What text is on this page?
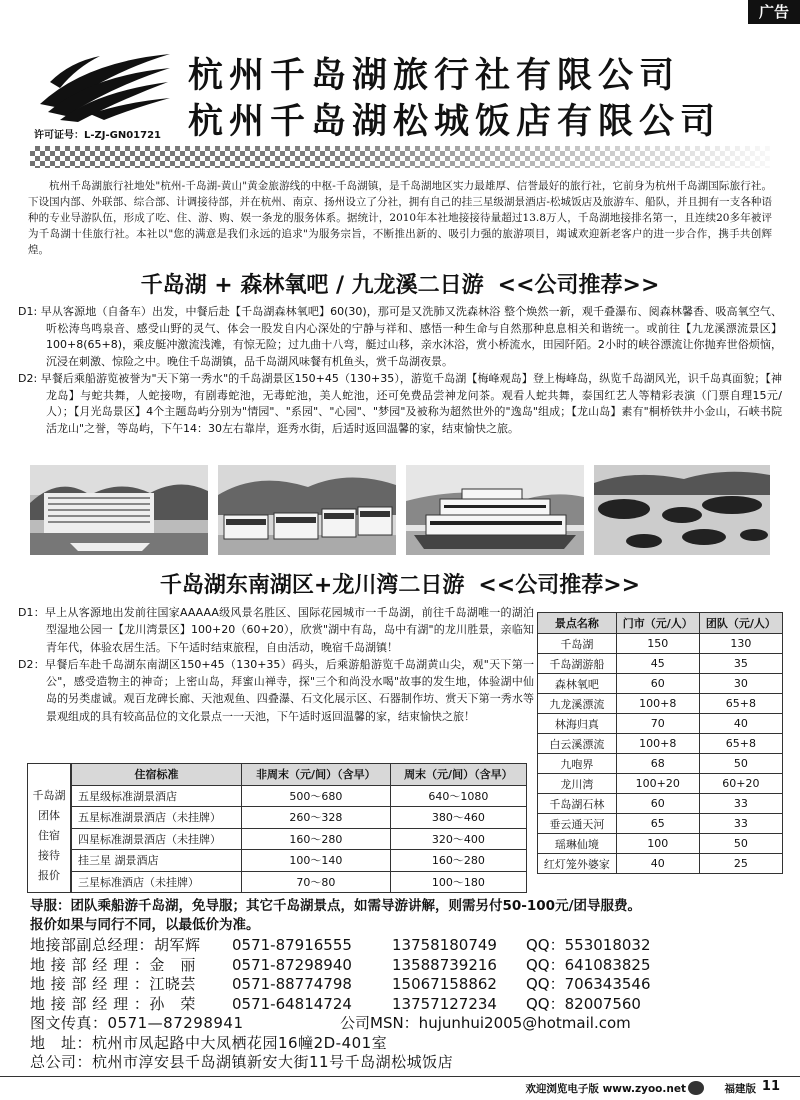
广告
许可证号：L-ZJ-GN01721
杭州千岛湖旅行社有限公司
杭州千岛湖松城饭店有限公司

杭州千岛湖旅行社地处"杭州-千岛湖-黄山"黄金旅游线的中枢-千岛湖镇，是千岛湖地区实力最雄厚、信誉最好的旅行社，它前身为杭州千岛湖国际旅行社。下设国内部、外联部、综合部、计调接待部，并在杭州、南京、扬州设立了分社，拥有自己的挂三星级湖景酒店-松城饭店及旅游车、船队，并且拥有一支各种语种的专业导游队伍，形成了吃、住、游、购、娱一条龙的服务体系。据统计，2010年本社地接接待量超过13.8万人，千岛湖地接排名第一，且连续20多年被评为千岛湖十佳旅行社。本社以"您的满意是我们永远的追求"为服务宗旨，不断推出新的、吸引力强的旅游项目，竭诚欢迎新老客户的进一步合作，携手共创辉煌。

千岛湖 + 森林氧吧 / 九龙溪二日游 <<公司推荐>>

D1: 早从客源地（自备车）出发，中餐后赴【千岛湖森林氧吧】60(30)，那可是又洗肺又洗森林浴 整个焕然一新，观千叠瀑布、阅森林馨香、吸高氧空气、听松涛鸟鸣泉音、感受山野的灵气、体会一股发自内心深处的宁静与祥和、感悟一种生命与自然那种息息相关和谐统一。或前往【九龙溪漂流景区】100+8(65+8)，乘皮艇冲激流浅滩，有惊无险；过九曲十八弯，艇过山移，亲水沐浴，赏小桥流水，田园阡陌。2小时的峡谷漂流让你抛弃世俗烦恼，沉浸在刺激、惊险之中。晚住千岛湖镇，品千岛湖风味餐有机鱼头，赏千岛湖夜景。

D2: 早餐后乘船游览被誉为"天下第一秀水"的千岛湖景区150+45（130+35），游览千岛湖【梅峰观岛】登上梅峰岛，纵览千岛湖风光，识千岛真面貌；【神龙岛】与蛇共舞，人蛇接吻，有剧毒蛇池，无毒蛇池，美人蛇池，还可免费品尝神龙问茶。观看人蛇共舞，泰国红艺人等精彩表演（门票自理15元/人）；【月光岛景区】4个主题岛屿分别为"情园"、"系园"、"心园"、"梦园"及被称为超然世外的"逸岛"组成；【龙山岛】素有"桐桥铁井小金山，石峡书院活龙山"之誉，等岛屿，下午14：30左右靠岸，逛秀水街，后适时返回温馨的家，结束愉快之旅。

千岛湖东南湖区+龙川湾二日游 <<公司推荐>>

D1：早上从客源地出发前往国家AAAAA级风景名胜区、国际花园城市一千岛湖，前往千岛湖唯一的湖泊型湿地公园一【龙川湾景区】100+20（60+20），欣赏"湖中有岛，岛中有湖"的龙川胜景，亲临知青年代，体验农居生活。下午适时结束旅程，自由活动，晚宿千岛湖镇！

D2：早餐后车赴千岛湖东南湖区150+45（130+35）码头，后乘游船游览千岛湖黄山尖，观"天下第一公"，感受造物主的神奇；上密山岛，拜蜜山禅寺，探"三个和尚没水喝"故事的发生地，体验湖中仙岛的另类虚诚。观百龙碑长廊、天池观鱼、四叠瀑、石文化展示区、石器制作坊、赏天下第一秀水等景观组成的具有较高品位的文化景点一一天池，下午适时返回温馨的家，结束愉快之旅！

景点名称	门市（元/人）	团队（元/人）
千岛湖	150	130
千岛湖游船	45	35
森林氧吧	60	30
九龙溪漂流	100+8	65+8
林海归真	70	40
白云溪漂流	100+8	65+8
九咆界	68	50
龙川湾	100+20	60+20
千岛湖石林	60	33
垂云通天河	65	33
瑶琳仙境	100	50
红灯笼外婆家	40	25
千岛湖
团体
住宿
接待
报价
住宿标准	非周末（元/间）（含早）	周末（元/间）（含早）
五星级标准湖景酒店	500～680	640～1080
五星标准湖景酒店（未挂牌）	260～328	380～460
四星标准湖景酒店（未挂牌）	160～280	320～400
挂三星 湖景酒店	100～140	160～280
三星标准酒店（未挂牌）	70～80	100～180
导服：团队乘船游千岛湖，免导服；其它千岛湖景点，如需导游讲解，则需另付50-100元/团导服费。
报价如果与同行不同，以最低价为准。
地接部副总经理：胡军辉 0571-87916555	13758180749 QQ：553018032
地 接 部 经 理 ：金　丽 0571-87298940	13588739216 QQ：641083825
地 接 部 经 理 ：江晓芸 0571-88774798	15067158862 QQ：706343546
地 接 部 经 理 ：孙　荣 0571-64814724	13757127234 QQ：82007560
图文传真：0571—87298941	公司MSN：hujunhui2005@hotmail.com
地　址：杭州市凤起路中大凤栖花园16幢2D-401室
总公司：杭州市淳安县千岛湖镇新安大街11号千岛湖松城饭店
欢迎浏览电子版 www.zyoo.net	福建版 11
